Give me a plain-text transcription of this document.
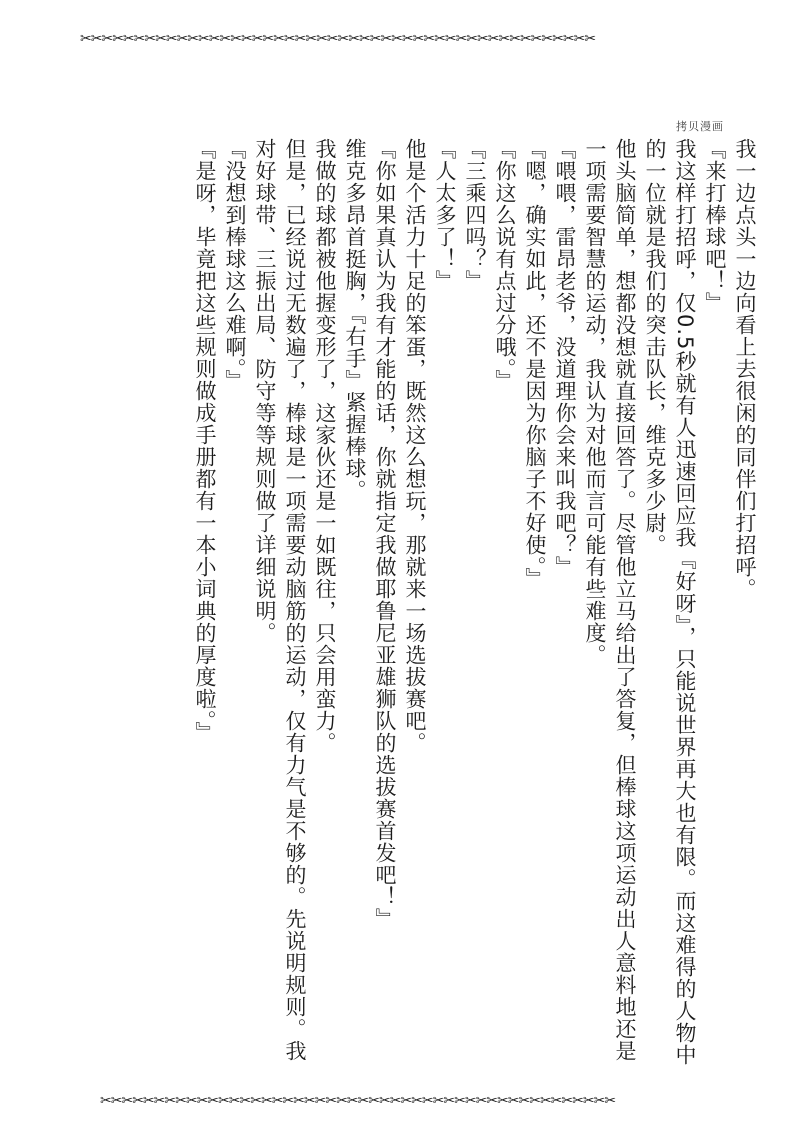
✂✂✂✂✂✂✂✂✂✂✂✂✂✂✂✂✂✂✂✂✂✂✂✂✂✂✂✂✂✂✂✂✂✂✂✂✂✂✂✂✂✂✂✂✂✂✂✂
拷贝漫画

我一边点头一边向看上去很闲的同伴们打招呼。

『来打棒球吧！』

我这样打招呼，仅0.5秒就有人迅速回应我『好呀』，只能说世界再大也有限。而这难得的人物中的一位就是我们的突击队长，维克多少尉。

他头脑简单，想都没想就直接回答了。尽管他立马给出了答复，但棒球这项运动出人意料地还是一项需要智慧的运动，我认为对他而言可能有些难度。

『喂喂，雷昂老爷，没道理你会来叫我吧？』

『嗯，确实如此，还不是因为你脑子不好使。』

『你这么说有点过分哦。』

『三乘四吗？』

『人太多了！』

他是个活力十足的笨蛋，既然这么想玩，那就来一场选拔赛吧。

『你如果真认为我有才能的话，你就指定我做耶鲁尼亚雄狮队的选拔赛首发吧！』

维克多昂首挺胸，『右手』紧握棒球。

我做的球都被他握变形了，这家伙还是一如既往，只会用蛮力。

但是，已经说过无数遍了，棒球是一项需要动脑筋的运动，仅有力气是不够的。先说明规则。我对好球带、三振出局、防守等等规则做了详细说明。

『没想到棒球这么难啊。』

『是呀，毕竟把这些规则做成手册都有一本小词典的厚度啦。』

✂✂✂✂✂✂✂✂✂✂✂✂✂✂✂✂✂✂✂✂✂✂✂✂✂✂✂✂✂✂✂✂✂✂✂✂✂✂✂✂✂✂✂✂✂✂✂✂
